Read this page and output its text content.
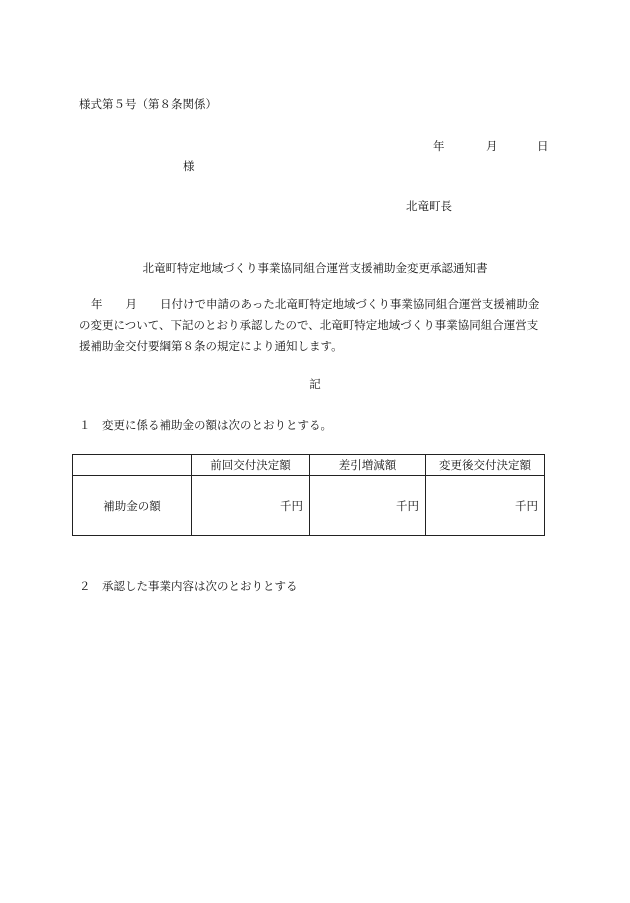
様式第５号（第８条関係）
年	月	日
様
北竜町長
北竜町特定地域づくり事業協同組合運営支援補助金変更承認通知書

年　　月　　日付けで申請のあった北竜町特定地域づくり事業協同組合運営支援補助金

の変更について、下記のとおり承認したので、北竜町特定地域づくり事業協同組合運営支

援補助金交付要綱第８条の規定により通知します。

記
１　変更に係る補助金の額は次のとおりとする。
	前回交付決定額	差引増減額	変更後交付決定額
補助金の額	千円	千円	千円
２　承認した事業内容は次のとおりとする
